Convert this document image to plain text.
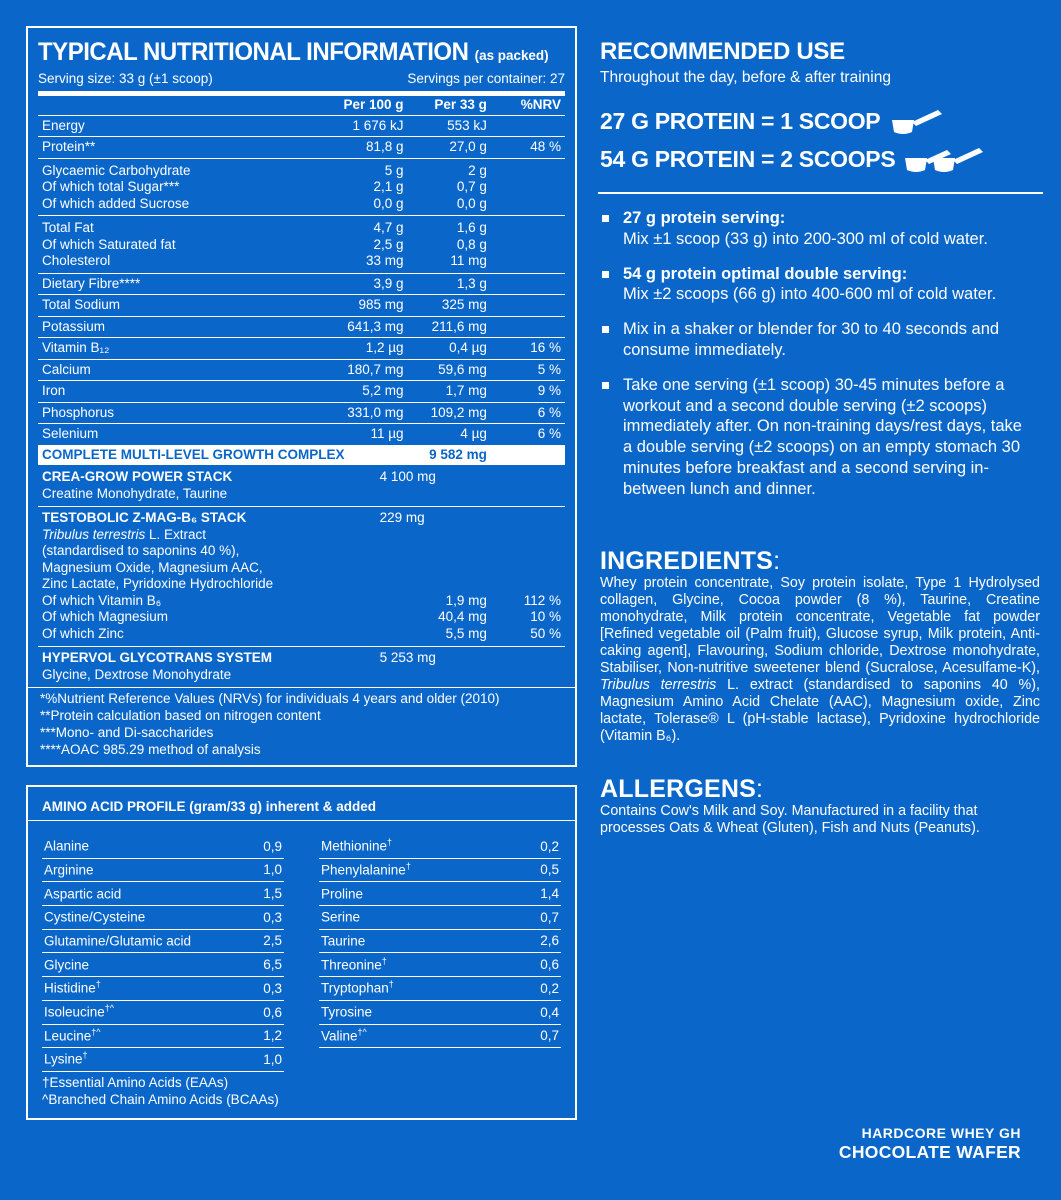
TYPICAL NUTRITIONAL INFORMATION (as packed)
Serving size: 33 g (±1 scoop)	Servings per container: 27
	Per 100 g	Per 33 g	%NRV
Energy	1 676 kJ	553 kJ	
Protein**	81,8 g	27,0 g	48 %
Glycaemic Carbohydrate	5 g	2 g	
Of which total Sugar***	2,1 g	0,7 g	
Of which added Sucrose	0,0 g	0,0 g	
Total Fat	4,7 g	1,6 g	
Of which Saturated fat	2,5 g	0,8 g	
Cholesterol	33 mg	11 mg	
Dietary Fibre****	3,9 g	1,3 g	
Total Sodium	985 mg	325 mg	
Potassium	641,3 mg	211,6 mg	
Vitamin B₁₂	1,2 µg	0,4 µg	16 %
Calcium	180,7 mg	59,6 mg	5 %
Iron	5,2 mg	1,7 mg	9 %
Phosphorus	331,0 mg	109,2 mg	6 %
Selenium	11 µg	4 µg	6 %
COMPLETE MULTI-LEVEL GROWTH COMPLEX	9 582 mg	
CREA-GROW POWER STACK		4 100 mg	
Creatine Monohydrate, Taurine			
TESTOBOLIC Z-MAG-B₆ STACK		229 mg	
Tribulus terrestris L. Extract			
(standardised to saponins 40 %),			
Magnesium Oxide, Magnesium AAC,			
Zinc Lactate, Pyridoxine Hydrochloride			
Of which Vitamin B₆		1,9 mg	112 %
Of which Magnesium		40,4 mg	10 %
Of which Zinc		5,5 mg	50 %
HYPERVOL GLYCOTRANS SYSTEM		5 253 mg	
Glycine, Dextrose Monohydrate			
*%Nutrient Reference Values (NRVs) for individuals 4 years and older (2010)
**Protein calculation based on nitrogen content
***Mono- and Di-saccharides
****AOAC 985.29 method of analysis
AMINO ACID PROFILE (gram/33 g) inherent & added
Alanine	0,9
Arginine	1,0
Aspartic acid	1,5
Cystine/Cysteine	0,3
Glutamine/Glutamic acid	2,5
Glycine	6,5
Histidine†	0,3
Isoleucine†^	0,6
Leucine†^	1,2
Lysine†	1,0
Methionine†	0,2
Phenylalanine†	0,5
Proline	1,4
Serine	0,7
Taurine	2,6
Threonine†	0,6
Tryptophan†	0,2
Tyrosine	0,4
Valine†^	0,7
†Essential Amino Acids (EAAs)
^Branched Chain Amino Acids (BCAAs)
RECOMMENDED USE
Throughout the day, before & after training
27 G PROTEIN = 1 SCOOP
54 G PROTEIN = 2 SCOOPS
27 g protein serving:
Mix ±1 scoop (33 g) into 200-300 ml of cold water.
54 g protein optimal double serving:
Mix ±2 scoops (66 g) into 400-600 ml of cold water.
Mix in a shaker or blender for 30 to 40 seconds and consume immediately.
Take one serving (±1 scoop) 30-45 minutes before a workout and a second double serving (±2 scoops) immediately after. On non-training days/rest days, take a double serving (±2 scoops) on an empty stomach 30 minutes before breakfast and a second serving in-between lunch and dinner.
INGREDIENTS:
Whey protein concentrate, Soy protein isolate, Type 1 Hydrolysed collagen, Glycine, Cocoa powder (8 %), Taurine, Creatine monohydrate, Milk protein concentrate, Vegetable fat powder [Refined vegetable oil (Palm fruit), Glucose syrup, Milk protein, Anti-caking agent], Flavouring, Sodium chloride, Dextrose monohydrate, Stabiliser, Non-nutritive sweetener blend (Sucralose, Acesulfame-K), Tribulus terrestris L. extract (standardised to saponins 40 %), Magnesium Amino Acid Chelate (AAC), Magnesium oxide, Zinc lactate, Tolerase® L (pH-stable lactase), Pyridoxine hydrochloride (Vitamin B₆).
ALLERGENS:
Contains Cow's Milk and Soy. Manufactured in a facility that processes Oats & Wheat (Gluten), Fish and Nuts (Peanuts).
HARDCORE WHEY GH
CHOCOLATE WAFER
